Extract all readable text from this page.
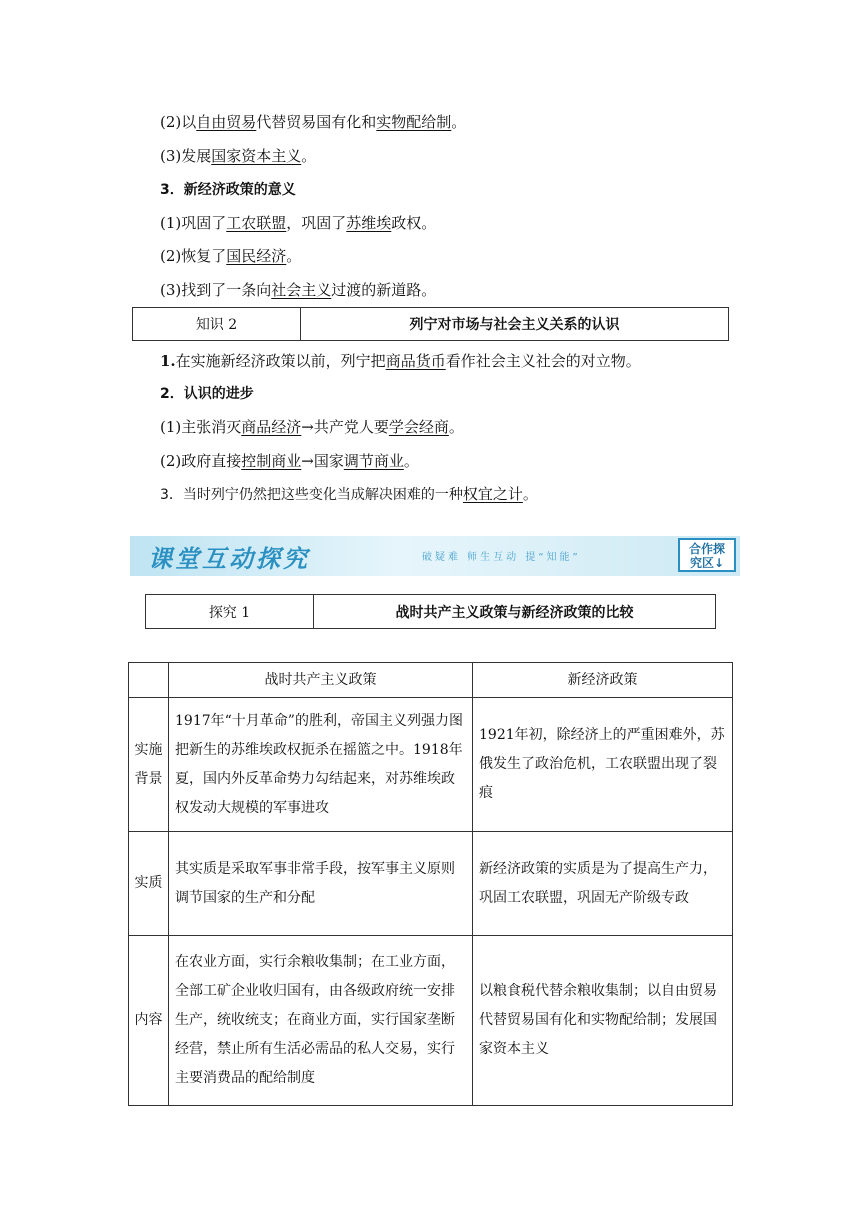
(2)以自由贸易代替贸易国有化和实物配给制。
(3)发展国家资本主义。
3．新经济政策的意义
(1)巩固了工农联盟，巩固了苏维埃政权。
(2)恢复了国民经济。
(3)找到了一条向社会主义过渡的新道路。
知识 2	列宁对市场与社会主义关系的认识
1.在实施新经济政策以前，列宁把商品货币看作社会主义社会的对立物。
2．认识的进步
(1)主张消灭商品经济→共产党人要学会经商。
(2)政府直接控制商业→国家调节商业。
3．当时列宁仍然把这些变化当成解决困难的一种权宜之计。
课堂互动探究	破疑难 师生互动 提“知能”
合作探
究区↓
探究 1	战时共产主义政策与新经济政策的比较
	战时共产主义政策	新经济政策
实施背景	1917年“十月革命”的胜利，帝国主义列强力图把新生的苏维埃政权扼杀在摇篮之中。1918年夏，国内外反革命势力勾结起来，对苏维埃政权发动大规模的军事进攻	1921年初，除经济上的严重困难外，苏俄发生了政治危机，工农联盟出现了裂痕
实质	其实质是采取军事非常手段，按军事主义原则调节国家的生产和分配	新经济政策的实质是为了提高生产力，巩固工农联盟，巩固无产阶级专政
内容	在农业方面，实行余粮收集制；在工业方面，全部工矿企业收归国有，由各级政府统一安排生产，统收统支；在商业方面，实行国家垄断经营，禁止所有生活必需品的私人交易，实行主要消费品的配给制度	以粮食税代替余粮收集制；以自由贸易代替贸易国有化和实物配给制；发展国家资本主义
